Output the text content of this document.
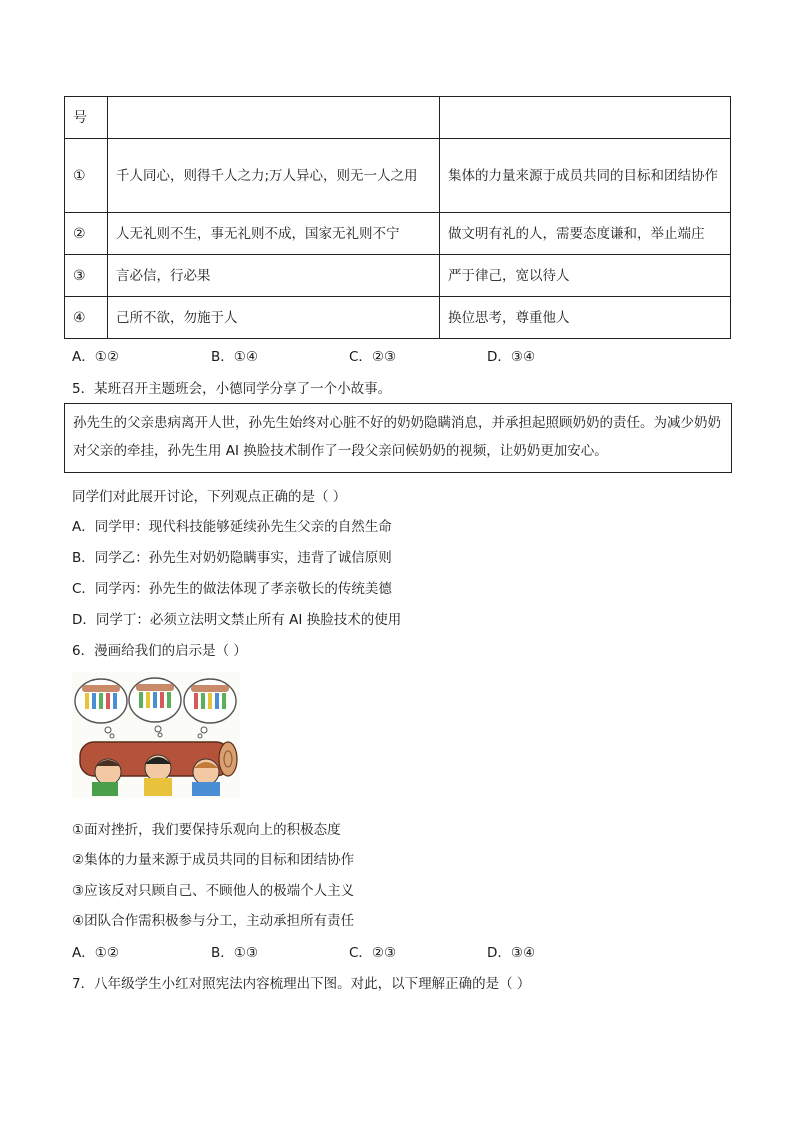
号		
①	千人同心，则得千人之力;万人异心，则无一人之用	集体的力量来源于成员共同的目标和团结协作
②	人无礼则不生，事无礼则不成，国家无礼则不宁	做文明有礼的人，需要态度谦和，举止端庄
③	言必信，行必果	严于律己，宽以待人
④	己所不欲，勿施于人	换位思考，尊重他人
A．①②	B．①④	C．②③	D．③④
5．某班召开主题班会，小德同学分享了一个小故事。
孙先生的父亲患病离开人世，孙先生始终对心脏不好的奶奶隐瞒消息，并承担起照顾奶奶的责任。为减少奶奶对父亲的牵挂，孙先生用 AI 换脸技术制作了一段父亲问候奶奶的视频，让奶奶更加安心。
同学们对此展开讨论，下列观点正确的是（ ）
A．同学甲：现代科技能够延续孙先生父亲的自然生命
B．同学乙：孙先生对奶奶隐瞒事实，违背了诚信原则
C．同学丙：孙先生的做法体现了孝亲敬长的传统美德
D．同学丁：必须立法明文禁止所有 AI 换脸技术的使用
6．漫画给我们的启示是（ ）
①面对挫折，我们要保持乐观向上的积极态度
②集体的力量来源于成员共同的目标和团结协作
③应该反对只顾自己、不顾他人的极端个人主义
④团队合作需积极参与分工，主动承担所有责任
A．①②	B．①③	C．②③	D．③④
7．八年级学生小红对照宪法内容梳理出下图。对此，以下理解正确的是（ ）
